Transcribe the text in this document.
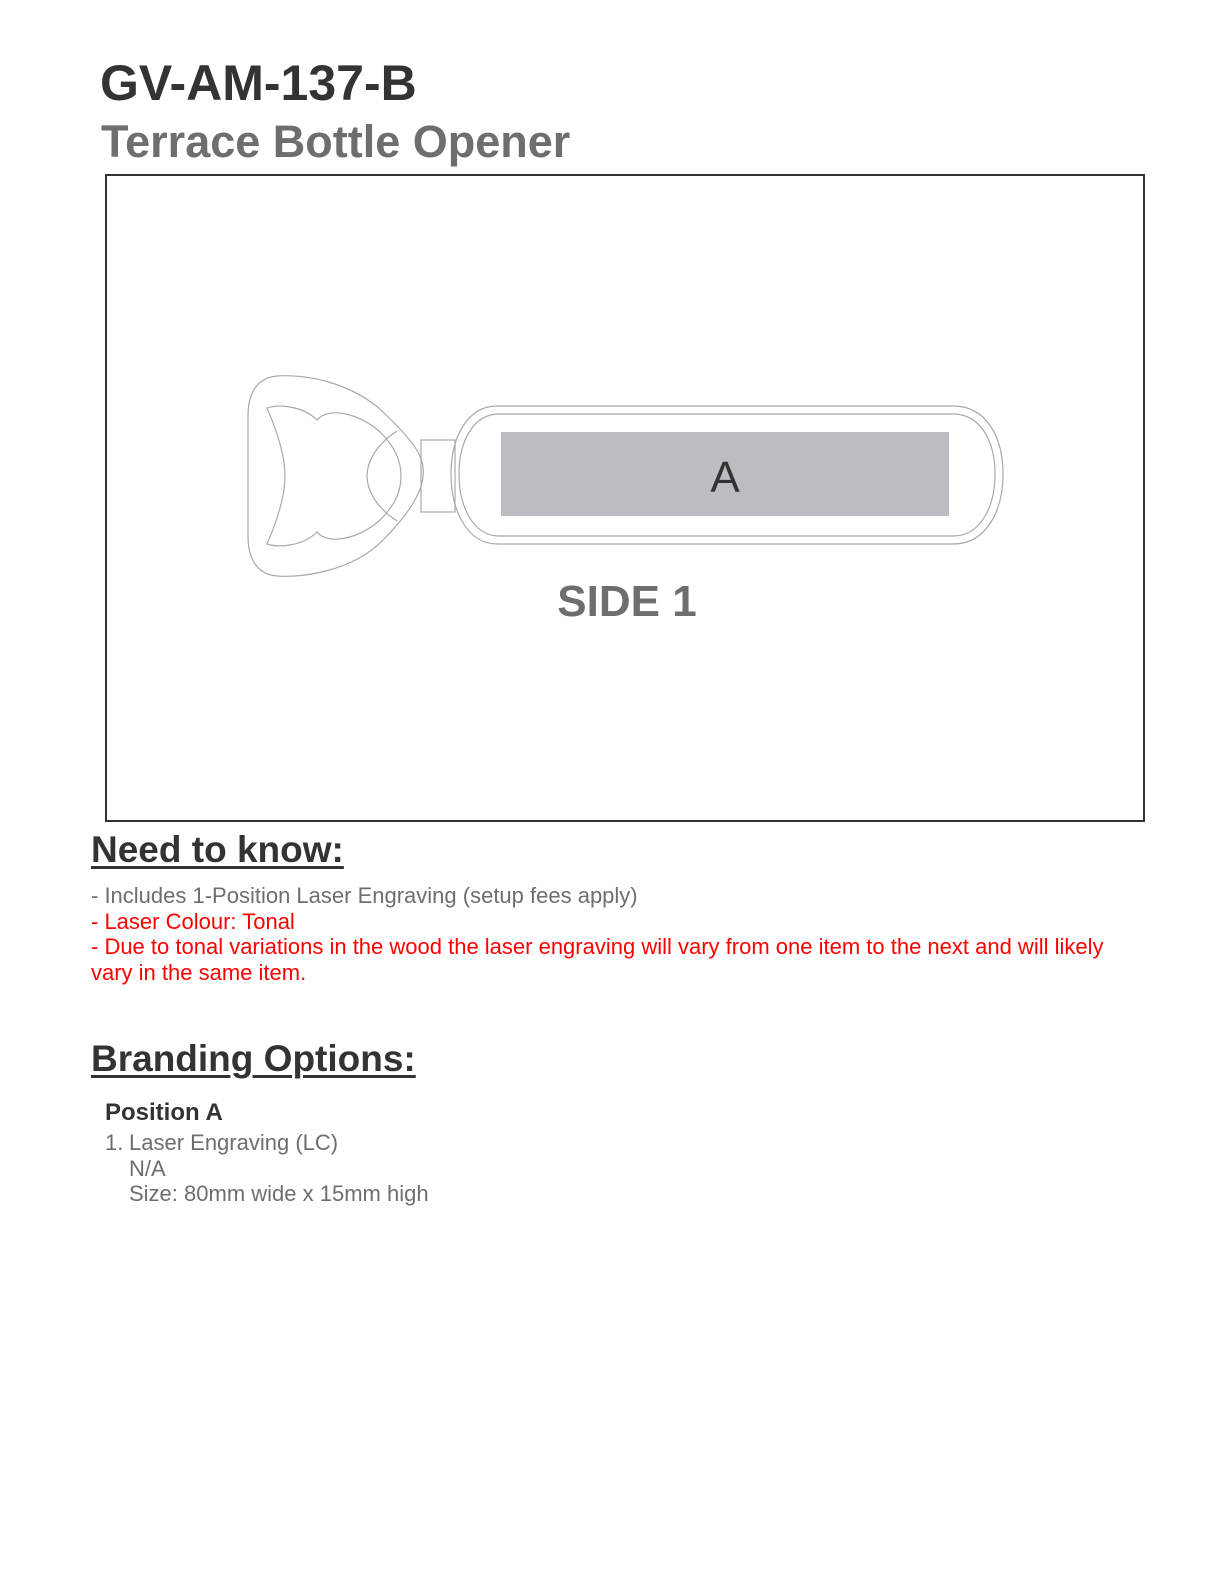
GV-AM-137-B
Terrace Bottle Opener
A
SIDE 1
Need to know:
- Includes 1-Position Laser Engraving (setup fees apply)
- Laser Colour: Tonal
- Due to tonal variations in the wood the laser engraving will vary from one item to the next and will likely vary in the same item.
Branding Options:
Position A
1. Laser Engraving (LC)
N/A
Size: 80mm wide x 15mm high
